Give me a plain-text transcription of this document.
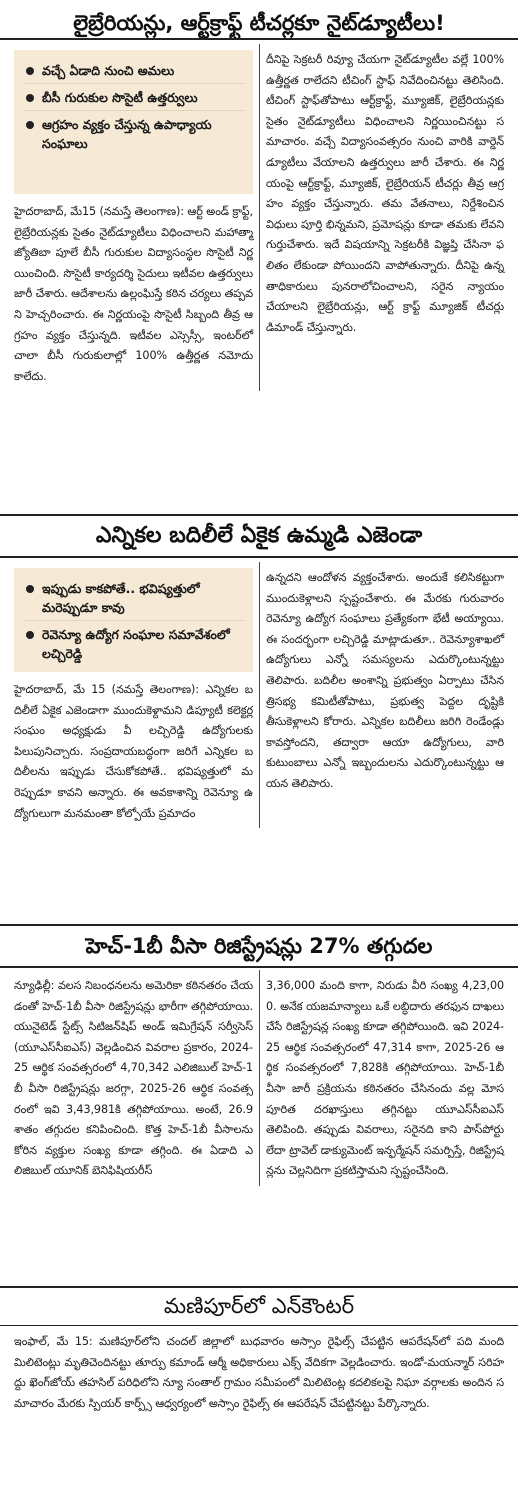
లైబ్రేరియన్లు, ఆర్ట్‌క్రాఫ్ట్ టీచర్లకూ నైట్‌డ్యూటీలు!
వచ్చే ఏడాది నుంచి అమలు
బీసీ గురుకుల సొసైటీ ఉత్తర్వులు
ఆగ్రహం వ్యక్తం చేస్తున్న ఉపాధ్యాయ సంఘాలు

హైదరాబాద్, మే15 (నమస్తే తెలంగాణ): ఆర్ట్ అండ్ క్రాఫ్ట్, లైబ్రేరియన్లకు సైతం నైట్‌డ్యూటీలు విధించాలని మహాత్మా జ్యోతిబా పూలే బీసీ గురుకుల విద్యాసంస్థల సొసైటీ నిర్ణయించింది. సొసైటీ కార్యదర్శి సైదులు ఇటీవల ఉత్తర్వులు జారీ చేశారు. ఆదేశాలను ఉల్లంఘిస్తే కఠిన చర్యలు తప్పవని హెచ్చరించారు. ఈ నిర్ణయంపై సొసైటీ సిబ్బంది తీవ్ర ఆగ్రహం వ్యక్తం చేస్తున్నది. ఇటీవల ఎస్సెస్సీ, ఇంటర్‌లో చాలా బీసీ గురుకులాల్లో 100% ఉత్తీర్ణత నమోదు కాలేదు.

దీనిపై సెక్రటరీ రివ్యూ చేయగా నైట్‌డ్యూటీల వల్లే 100% ఉత్తీర్ణత రాలేదని టీచింగ్ స్టాఫ్ నివేదించినట్టు తెలిసింది. టీచింగ్ స్టాఫ్‌తోపాటు ఆర్ట్‌క్రాఫ్ట్, మ్యూజిక్, లైబ్రేరియన్లకు సైతం నైట్‌డ్యూటీలు విధించాలని నిర్ణయించినట్టు సమాచారం. వచ్చే విద్యాసంవత్సరం నుంచి వారికి వార్డెన్ డ్యూటీలు వేయాలని ఉత్తర్వులు జారీ చేశారు. ఈ నిర్ణయంపై ఆర్ట్‌క్రాఫ్ట్, మ్యూజిక్, లైబ్రేరియన్ టీచర్లు తీవ్ర ఆగ్రహం వ్యక్తం చేస్తున్నారు. తమ వేతనాలు, నిర్దేశించిన విధులు పూర్తి భిన్నమని, ప్రమోషన్లు కూడా తమకు లేవని గుర్తుచేశారు. ఇదే విషయాన్ని సెక్రటరీకి విజ్ఞప్తి చేసినా ఫలితం లేకుండా పోయిందని వాపోతున్నారు. దీనిపై ఉన్నతాధికారులు పునరాలోచించాలని, సరైన న్యాయం చేయాలని లైబ్రేరియన్లు, ఆర్ట్ క్రాఫ్ట్ మ్యూజిక్ టీచర్లు డిమాండ్ చేస్తున్నారు.

ఎన్నికల బదిలీలే ఏకైక ఉమ్మడి ఎజెండా
ఇప్పుడు కాకపోతే.. భవిష్యత్తులో మరెప్పుడూ కావు
రెవెన్యూ ఉద్యోగ సంఘాల సమావేశంలో లచ్చిరెడ్డి

హైదరాబాద్, మే 15 (నమస్తే తెలంగాణ): ఎన్నికల బదిలీలే ఏకైక ఎజెండాగా ముందుకెళ్దామని డిప్యూటీ కలెక్టర్ల సంఘం అధ్యక్షుడు వీ లచ్చిరెడ్డి ఉద్యోగులకు పిలుపునిచ్చారు. సంప్రదాయబద్ధంగా జరిగే ఎన్నికల బదిలీలను ఇప్పుడు చేసుకోకపోతే.. భవిష్యత్తులో మరెప్పుడూ కావని అన్నారు. ఈ అవకాశాన్ని రెవెన్యూ ఉద్యోగులుగా మనమంతా కోల్పోయే ప్రమాదం

ఉన్నదని ఆందోళన వ్యక్తంచేశారు. అందుకే కలిసికట్టుగా ముందుకెళ్లాలని స్పష్టంచేశారు. ఈ మేరకు గురువారం రెవెన్యూ ఉద్యోగ సంఘాలు ప్రత్యేకంగా భేటీ అయ్యాయి. ఈ సందర్భంగా లచ్చిరెడ్డి మాట్లాడుతూ.. రెవెన్యూశాఖలో ఉద్యోగులు ఎన్నో సమస్యలను ఎదుర్కొంటున్నట్టు తెలిపారు. బదిలీల అంశాన్ని ప్రభుత్వం ఏర్పాటు చేసిన త్రిసభ్య కమిటీతోపాటు, ప్రభుత్వ పెద్దల దృష్టికి తీసుకెళ్లాలని కోరారు. ఎన్నికల బదిలీలు జరిగి రెండేండ్లు కావస్తోందని, తద్వారా ఆయా ఉద్యోగులు, వారి కుటుంబాలు ఎన్నో ఇబ్బందులను ఎదుర్కొంటున్నట్టు ఆయన తెలిపారు.

హెచ్-1బీ వీసా రిజిస్ట్రేషన్లు 27% తగ్గుదల

న్యూఢిల్లీ: వలస నిబంధనలను అమెరికా కఠినతరం చేయడంతో హెచ్-1బీ వీసా రిజిస్ట్రేషన్లు భారీగా తగ్గిపోయాయి. యునైటెడ్ స్టేట్స్ సిటిజన్‌షిప్ అండ్ ఇమిగ్రేషన్ సర్వీసెస్ (యూఎస్‌సీఐఎస్) వెల్లడించిన వివరాల ప్రకారం, 2024-25 ఆర్థిక సంవత్సరంలో 4,70,342 ఎలిజిబుల్ హెచ్-1బీ వీసా రిజిస్ట్రేషన్లు జరగ్గా, 2025-26 ఆర్థిక సంవత్సరంలో ఇవి 3,43,981కి తగ్గిపోయాయి. అంటే, 26.9 శాతం తగ్గుదల కనిపించింది. కొత్త హెచ్-1బీ వీసాలను కోరిన వ్యక్తుల సంఖ్య కూడా తగ్గింది. ఈ ఏడాది ఎలిజిబుల్ యూనిక్ బెనిఫిషియరీస్

3,36,000 మంది కాగా, నిరుడు వీరి సంఖ్య 4,23,000. అనేక యజమాన్యాలు ఒకే లబ్ధిదారు తరఫున దాఖలు చేసే రిజిస్ట్రేషన్ల సంఖ్య కూడా తగ్గిపోయింది. ఇవి 2024-25 ఆర్థిక సంవత్సరంలో 47,314 కాగా, 2025-26 ఆర్థిక సంవత్సరంలో 7,828కి తగ్గిపోయాయి. హెచ్-1బీ వీసా జారీ ప్రక్రియను కఠినతరం చేసినందు వల్ల మోసపూరిత దరఖాస్తులు తగ్గినట్టు యూఎస్‌సీఐఎస్ తెలిపింది. తప్పుడు వివరాలు, సరైనది కాని పాస్‌పోర్టు లేదా ట్రావెల్ డాక్యుమెంట్ ఇన్ఫర్మేషన్ సమర్పిస్తే, రిజిస్ట్రేషన్లను చెల్లనిదిగా ప్రకటిస్తామని స్పష్టంచేసింది.

మణిపూర్‌లో ఎన్‌కౌంటర్

ఇంఫాల్, మే 15: మణిపూర్‌లోని చందల్ జిల్లాలో బుధవారం అస్సాం రైఫిల్స్ చేపట్టిన ఆపరేషన్‌లో పది మంది మిలిటెంట్లు మృతిచెందినట్టు తూర్పు కమాండ్ ఆర్మీ అధికారులు ఎక్స్ వేదికగా వెల్లడించారు. ఇండో-మయన్మార్ సరిహద్దు ఖెంగ్‌జోయ్ తహసిల్ పరిధిలోని న్యూ సంతాల్ గ్రామం సమీపంలో మిలిటెంట్ల కదలికలపై నిఘా వర్గాలకు అందిన సమాచారం మేరకు స్పియర్ కార్ప్స్ ఆధ్వర్యంలో అస్సాం రైఫిల్స్ ఈ ఆపరేషన్ చేపట్టినట్టు పేర్కొన్నారు.
